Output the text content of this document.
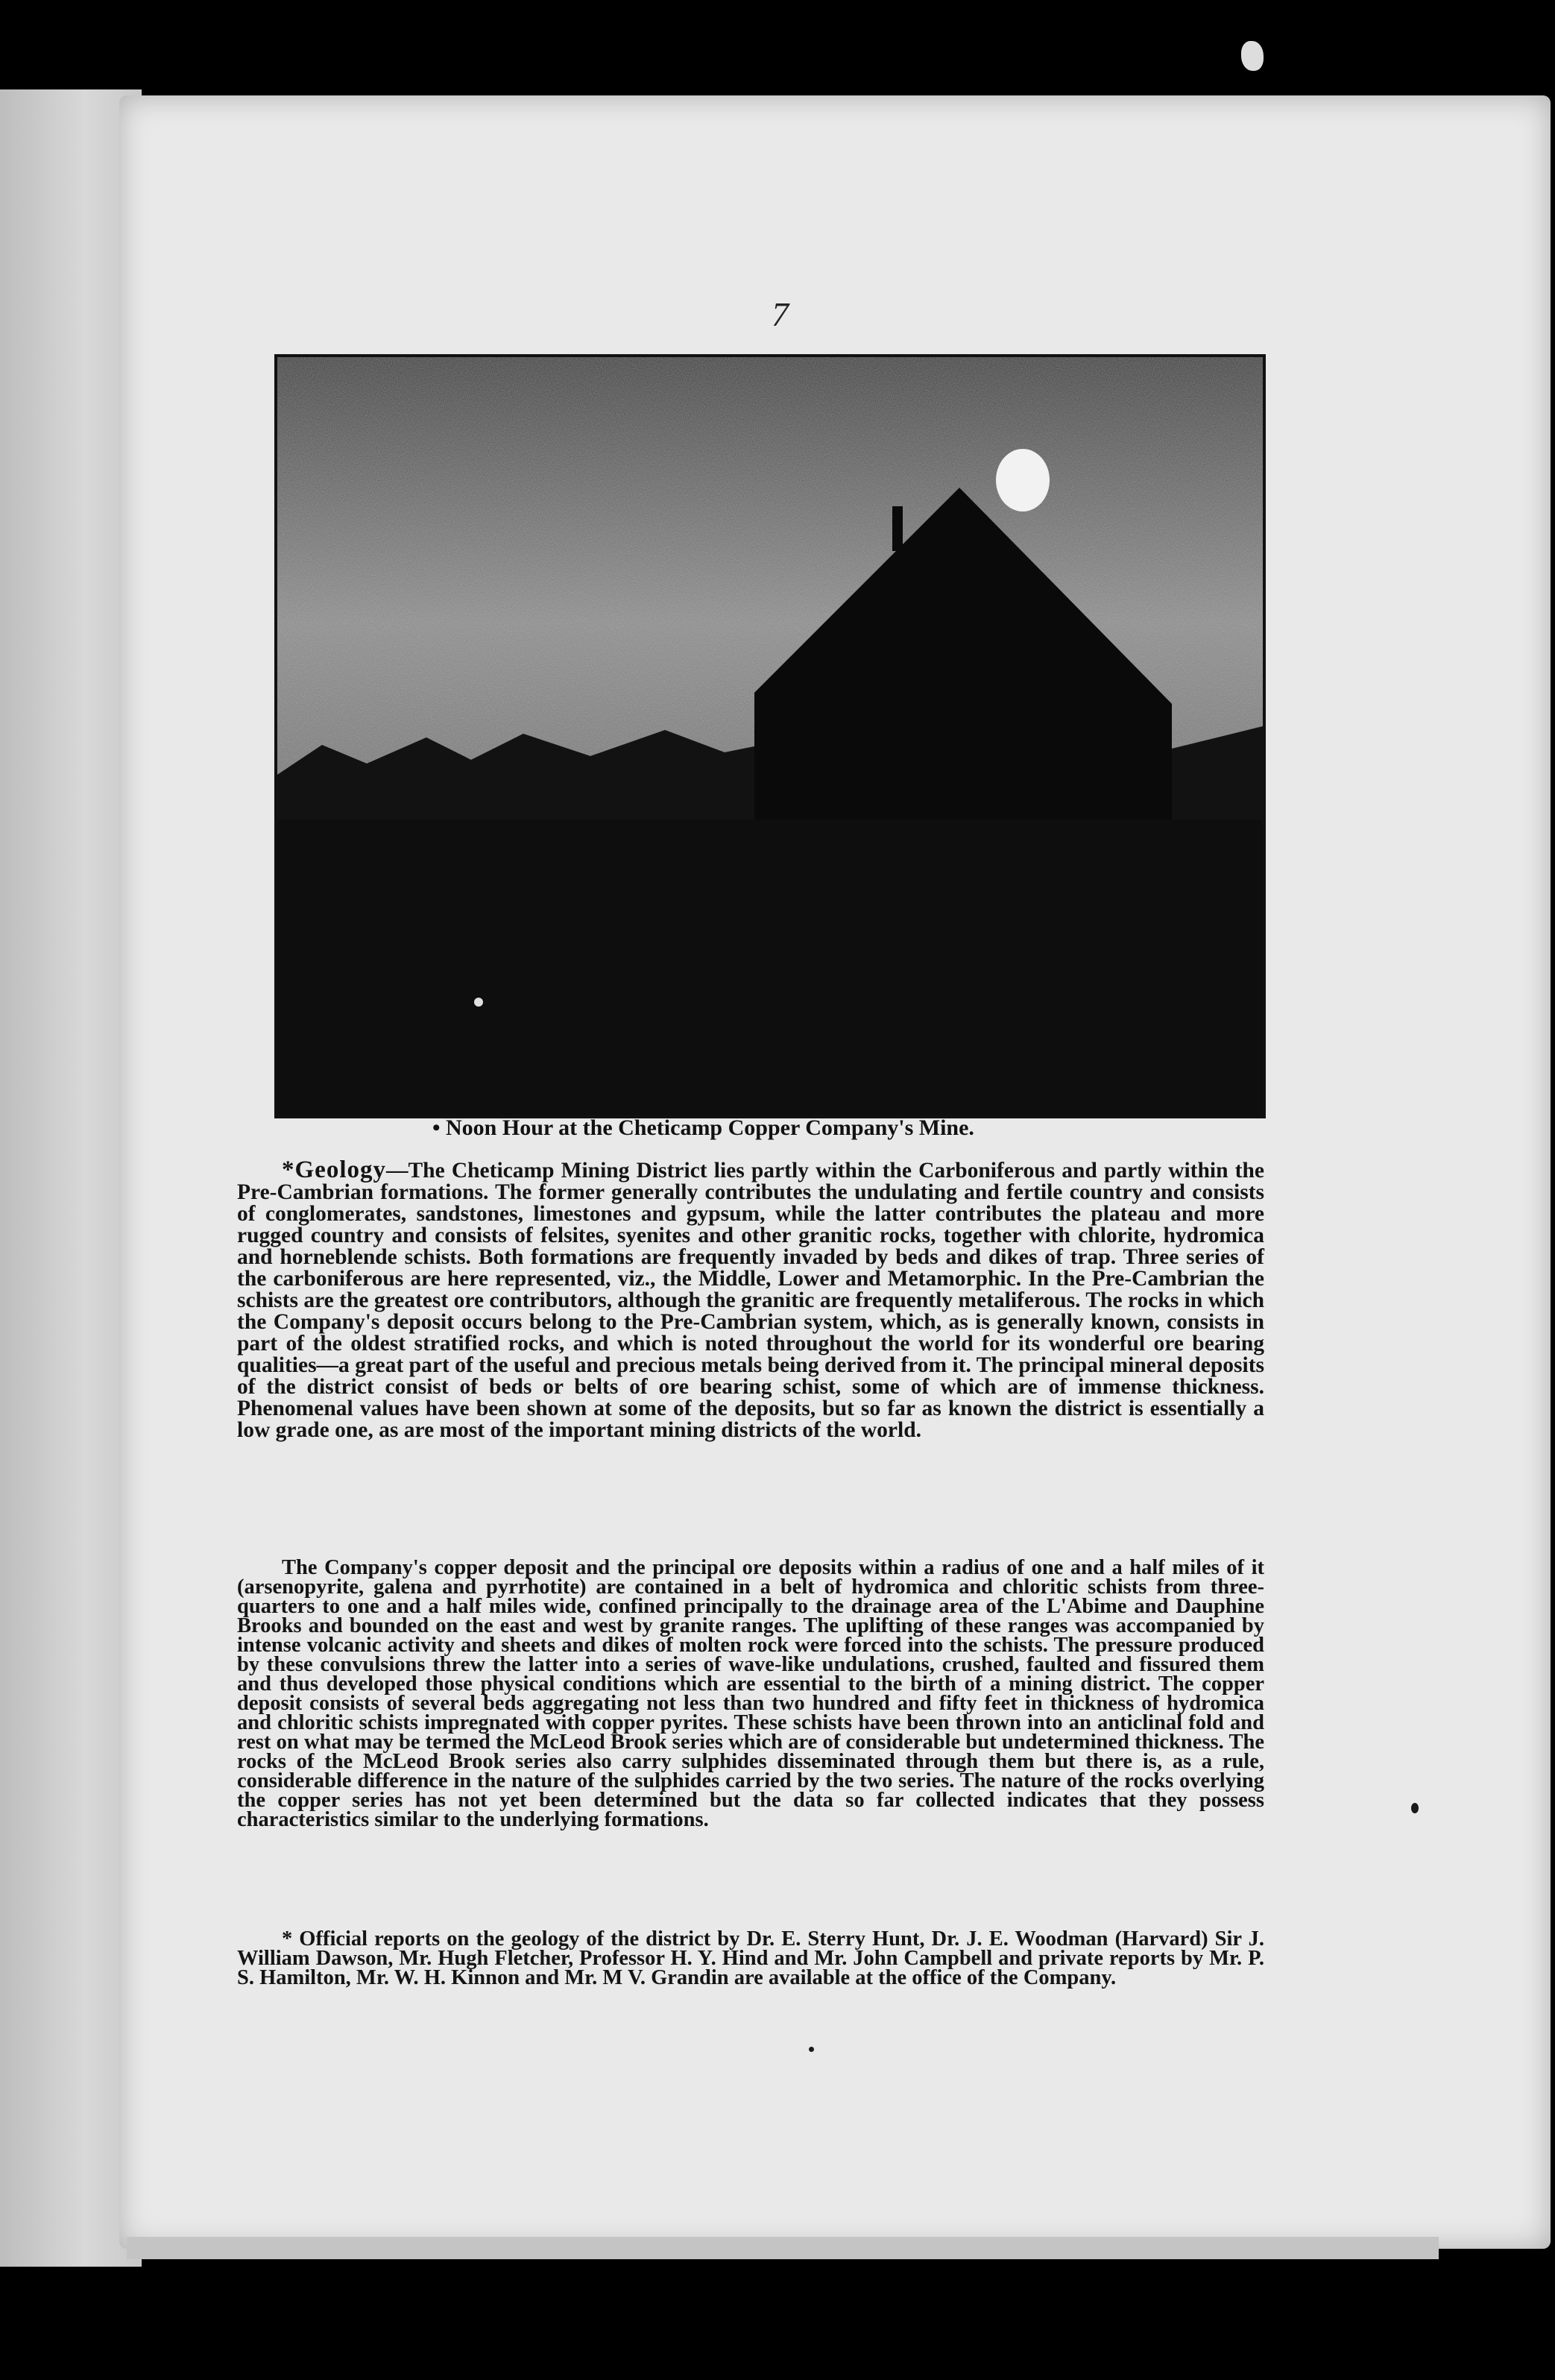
7
• Noon Hour at the Cheticamp Copper Company's Mine.

*Geology—The Cheticamp Mining District lies partly within the Carboniferous and partly within the Pre-Cambrian formations. The former generally contributes the undulating and fertile country and consists of conglomerates, sandstones, limestones and gypsum, while the latter contributes the plateau and more rugged country and consists of felsites, syenites and other granitic rocks, together with chlorite, hydromica and horneblende schists. Both formations are frequently invaded by beds and dikes of trap. Three series of the carboniferous are here represented, viz., the Middle, Lower and Metamorphic. In the Pre-Cambrian the schists are the greatest ore contributors, although the granitic are frequently metaliferous. The rocks in which the Company's deposit occurs belong to the Pre-Cambrian system, which, as is generally known, consists in part of the oldest stratified rocks, and which is noted throughout the world for its wonderful ore bearing qualities—a great part of the useful and precious metals being derived from it. The principal mineral deposits of the district consist of beds or belts of ore bearing schist, some of which are of immense thickness. Phenomenal values have been shown at some of the deposits, but so far as known the district is essentially a low grade one, as are most of the important mining districts of the world.

The Company's copper deposit and the principal ore deposits within a radius of one and a half miles of it (arsenopyrite, galena and pyrrhotite) are contained in a belt of hydromica and chloritic schists from three-quarters to one and a half miles wide, confined principally to the drainage area of the L'Abime and Dauphine Brooks and bounded on the east and west by granite ranges. The uplifting of these ranges was accompanied by intense volcanic activity and sheets and dikes of molten rock were forced into the schists. The pressure produced by these convulsions threw the latter into a series of wave-like undulations, crushed, faulted and fissured them and thus developed those physical conditions which are essential to the birth of a mining district. The copper deposit consists of several beds aggregating not less than two hundred and fifty feet in thickness of hydromica and chloritic schists impregnated with copper pyrites. These schists have been thrown into an anticlinal fold and rest on what may be termed the McLeod Brook series which are of considerable but undetermined thickness. The rocks of the McLeod Brook series also carry sulphides disseminated through them but there is, as a rule, considerable difference in the nature of the sulphides carried by the two series. The nature of the rocks overlying the copper series has not yet been determined but the data so far collected indicates that they possess characteristics similar to the underlying formations.

* Official reports on the geology of the district by Dr. E. Sterry Hunt, Dr. J. E. Woodman (Harvard) Sir J. William Dawson, Mr. Hugh Fletcher, Professor H. Y. Hind and Mr. John Campbell and private reports by Mr. P. S. Hamilton, Mr. W. H. Kinnon and Mr. M V. Grandin are available at the office of the Company.
